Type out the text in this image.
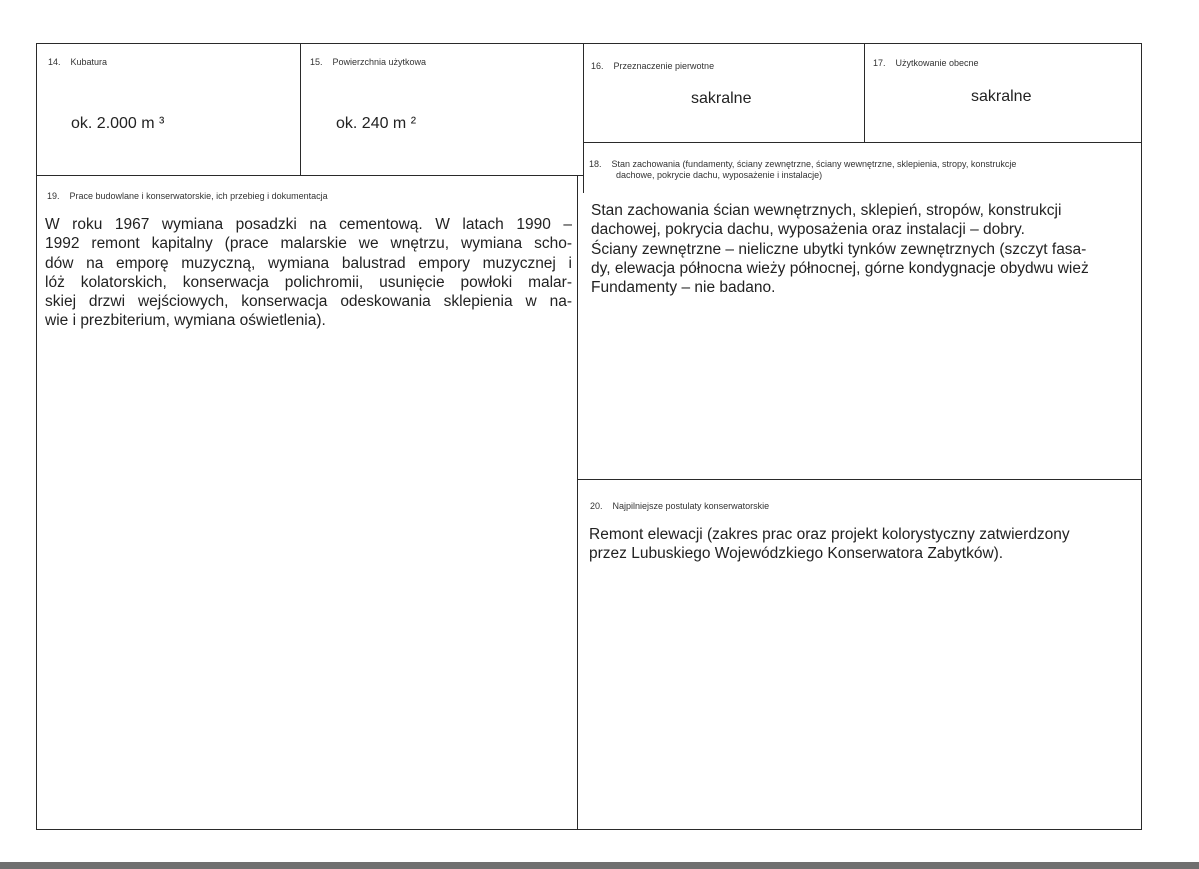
14. Kubatura
ok. 2.000 m ³
15. Powierzchnia użytkowa
ok. 240 m ²
16. Przeznaczenie pierwotne
sakralne
17. Użytkowanie obecne
sakralne
18. Stan zachowania (fundamenty, ściany zewnętrzne, ściany wewnętrzne, sklepienia, stropy, konstrukcje
dachowe, pokrycie dachu, wyposażenie i instalacje)

Stan zachowania ścian wewnętrznych, sklepień, stropów, konstrukcji

dachowej, pokrycia dachu, wyposażenia oraz instalacji – dobry.

Ściany zewnętrzne – nieliczne ubytki tynków zewnętrznych (szczyt fasa-

dy, elewacja północna wieży północnej, górne kondygnacje obydwu wież

Fundamenty – nie badano.

19. Prace budowlane i konserwatorskie, ich przebieg i dokumentacja

W roku 1967 wymiana posadzki na cementową. W latach 1990 –

1992 remont kapitalny (prace malarskie we wnętrzu, wymiana scho-

dów na emporę muzyczną, wymiana balustrad empory muzycznej i

lóż kolatorskich, konserwacja polichromii, usunięcie powłoki malar-

skiej drzwi wejściowych, konserwacja odeskowania sklepienia w na-

wie i prezbiterium, wymiana oświetlenia).

20. Najpilniejsze postulaty konserwatorskie

Remont elewacji (zakres prac oraz projekt kolorystyczny zatwierdzony

przez Lubuskiego Wojewódzkiego Konserwatora Zabytków).
